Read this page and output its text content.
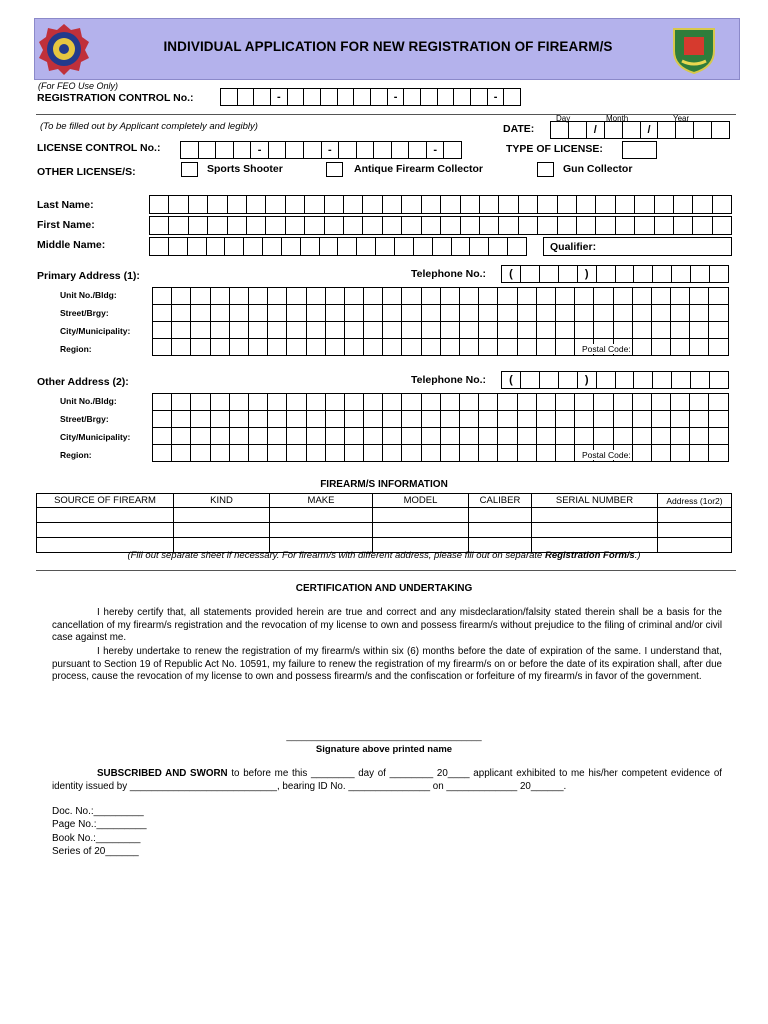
INDIVIDUAL APPLICATION FOR NEW REGISTRATION OF FIREARM/S
(For FEO Use Only)
REGISTRATION CONTROL No.:	-	-	-
(To be filled out by Applicant completely and legibly)	DATE:
Day	Month	Year
/	/
LICENSE CONTROL No.:	-	-	-	TYPE OF LICENSE:
OTHER LICENSE/S:	Sports Shooter	Antique Firearm Collector	Gun Collector
Last Name:
First Name:
Middle Name:	Qualifier:
Primary Address (1):	Telephone No.:	(	)
Unit No./Bldg:
Street/Brgy:
City/Municipality:
Region:

																														Postal Code:
Other Address (2):	Telephone No.:	(	)
Unit No./Bldg:
Street/Brgy:
City/Municipality:
Region:

																														Postal Code:
FIREARM/S INFORMATION
SOURCE OF FIREARM	KIND	MAKE	MODEL	CALIBER	SERIAL NUMBER	Address (1or2)

(Fill out separate sheet if necessary. For firearm/s with different address, please fill out on separate Registration Form/s.)
CERTIFICATION AND UNDERTAKING
I hereby certify that, all statements provided herein are true and correct and any misdeclaration/falsity stated therein shall be a basis for the cancellation of my firearm/s registration and the revocation of my license to own and possess firearm/s without prejudice to the filing of criminal and/or civil case against me.
I hereby undertake to renew the registration of my firearm/s within six (6) months before the date of expiration of the same. I understand that, pursuant to Section 19 of Republic Act No. 10591, my failure to renew the registration of my firearm/s on or before the date of its expiration shall, after due process, cause the revocation of my license to own and possess firearm/s and the confiscation or forfeiture of my firearm/s in favor of the government.
_______________________________________
Signature above printed name
SUBSCRIBED AND SWORN to before me this ________ day of ________ 20____ applicant exhibited to me his/her competent evidence of identity issued by ___________________________, bearing ID No. _______________ on _____________ 20______.
Doc. No.:_________
Page No.:_________
Book No.:________
Series of 20______
